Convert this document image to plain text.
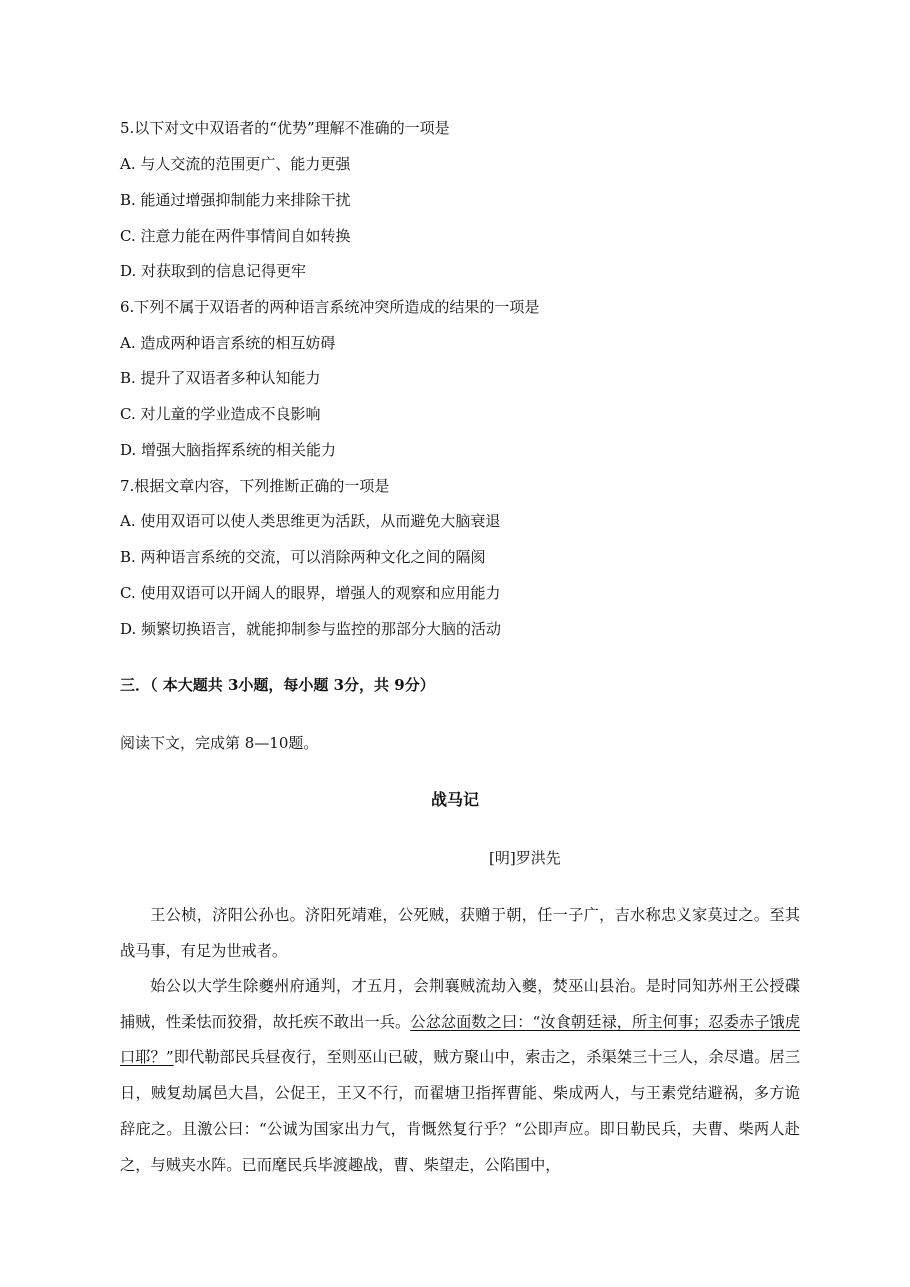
5.以下对文中双语者的“优势”理解不准确的一项是
A. 与人交流的范围更广、能力更强
B. 能通过增强抑制能力来排除干扰
C. 注意力能在两件事情间自如转换
D. 对获取到的信息记得更牢
6.下列不属于双语者的两种语言系统冲突所造成的结果的一项是
A. 造成两种语言系统的相互妨碍
B. 提升了双语者多种认知能力
C. 对儿童的学业造成不良影响
D. 增强大脑指挥系统的相关能力
7.根据文章内容，下列推断正确的一项是
A. 使用双语可以使人类思维更为活跃，从而避免大脑衰退
B. 两种语言系统的交流，可以消除两种文化之间的隔阂
C. 使用双语可以开阔人的眼界，增强人的观察和应用能力
D. 频繁切换语言，就能抑制参与监控的那部分大脑的活动
三．（ 本大题共 3小题，每小题 3分，共 9分）
阅读下文，完成第 8—10题。
战马记
[明]罗洪先
王公桢，济阳公孙也。济阳死靖难，公死贼，获赠于朝，任一子广，吉水称忠义家莫过之。至其战马事，有足为世戒者。
始公以大学生除夔州府通判，才五月，会荆襄贼流劫入夔，焚巫山县治。是时同知苏州王公授碟捕贼，性柔怯而狡猾，故托疾不敢出一兵。公忿忿面数之曰：“汝食朝廷禄，所主何事；忍委赤子饿虎口耶？”即代勒部民兵昼夜行，至则巫山已破，贼方聚山中，索击之，杀渠桀三十三人，余尽遣。居三日，贼复劫属邑大昌，公促王，王又不行，而翟塘卫指挥曹能、柴成两人，与王素党结避祸，多方诡辞庇之。且激公曰：“公诚为国家出力气，肯慨然复行乎？“公即声应。即日勒民兵，夫曹、柴两人赴之，与贼夹水阵。已而麾民兵毕渡趣战，曹、柴望走，公陷围中，
